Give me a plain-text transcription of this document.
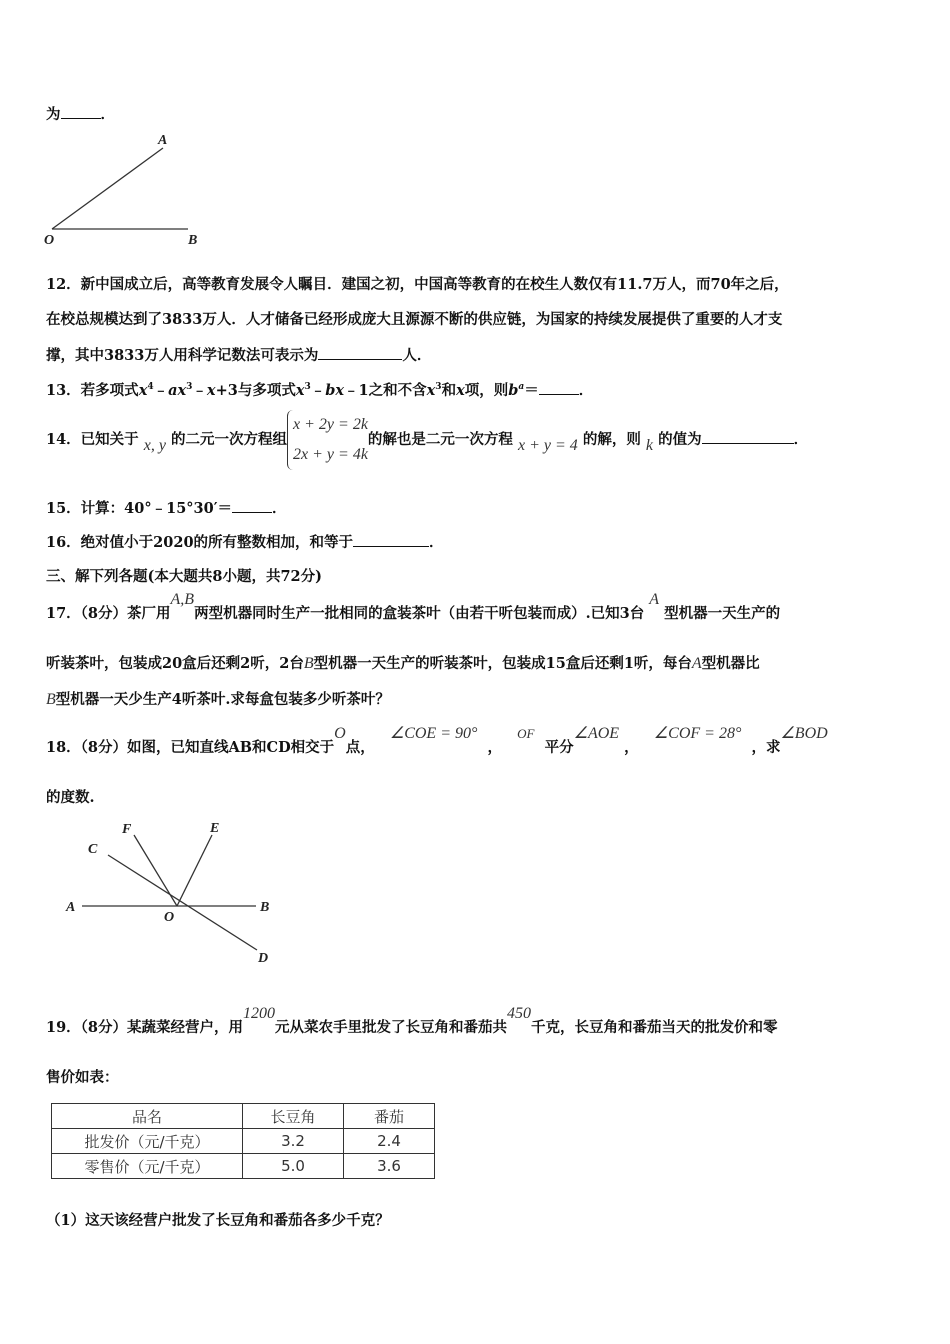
为	．
A
O	B
12．新中国成立后，高等教育发展令人瞩目．建国之初，中国高等教育的在校生人数仅有11.7万人，而70年之后，
在校总规模达到了3833万人．人才储备已经形成庞大且源源不断的供应链，为国家的持续发展提供了重要的人才支
撑，其中3833万人用科学记数法可表示为	人．
13．若多项式$x^4﹣ax^3﹣x+3$与多项式$x^3﹣bx﹣1$之和不含$x^3$和x项，则$b^a=$	．
14．已知关于 x, y 的二元一次方程组x + 2y = 2k
2x + y = 4k的解也是二元一次方程 x + y = 4 的解，则 k 的值为	．
15．计算：40°﹣15°30′＝	．
16．绝对值小于2020的所有整数相加，和等于	．
三、解下列各题(本大题共8小题，共72分)
17．（8分）茶厂用A,B两型机器同时生产一批相同的盒装茶叶（由若干听包装而成）.已知3台 A 型机器一天生产的
听装茶叶，包装成20盒后还剩2听，2台B型机器一天生产的听装茶叶，包装成15盒后还剩1听，每台A型机器比
B型机器一天少生产4听茶叶.求每盒包装多少听茶叶？
18．（8分）如图，已知直线AB和CD相交于O点，   ∠COE = 90°  ，   OF  平分∠AOE ，   ∠COF = 28°  ，求∠BOD
的度数.
A	B
C
D
E
F
O
19．（8分）某蔬菜经营户，用1200元从菜农手里批发了长豆角和番茄共450千克，长豆角和番茄当天的批发价和零
售价如表：
品名	长豆角	番茄
批发价（元/千克）	3.2	2.4
零售价（元/千克）	5.0	3.6
（1）这天该经营户批发了长豆角和番茄各多少千克？
